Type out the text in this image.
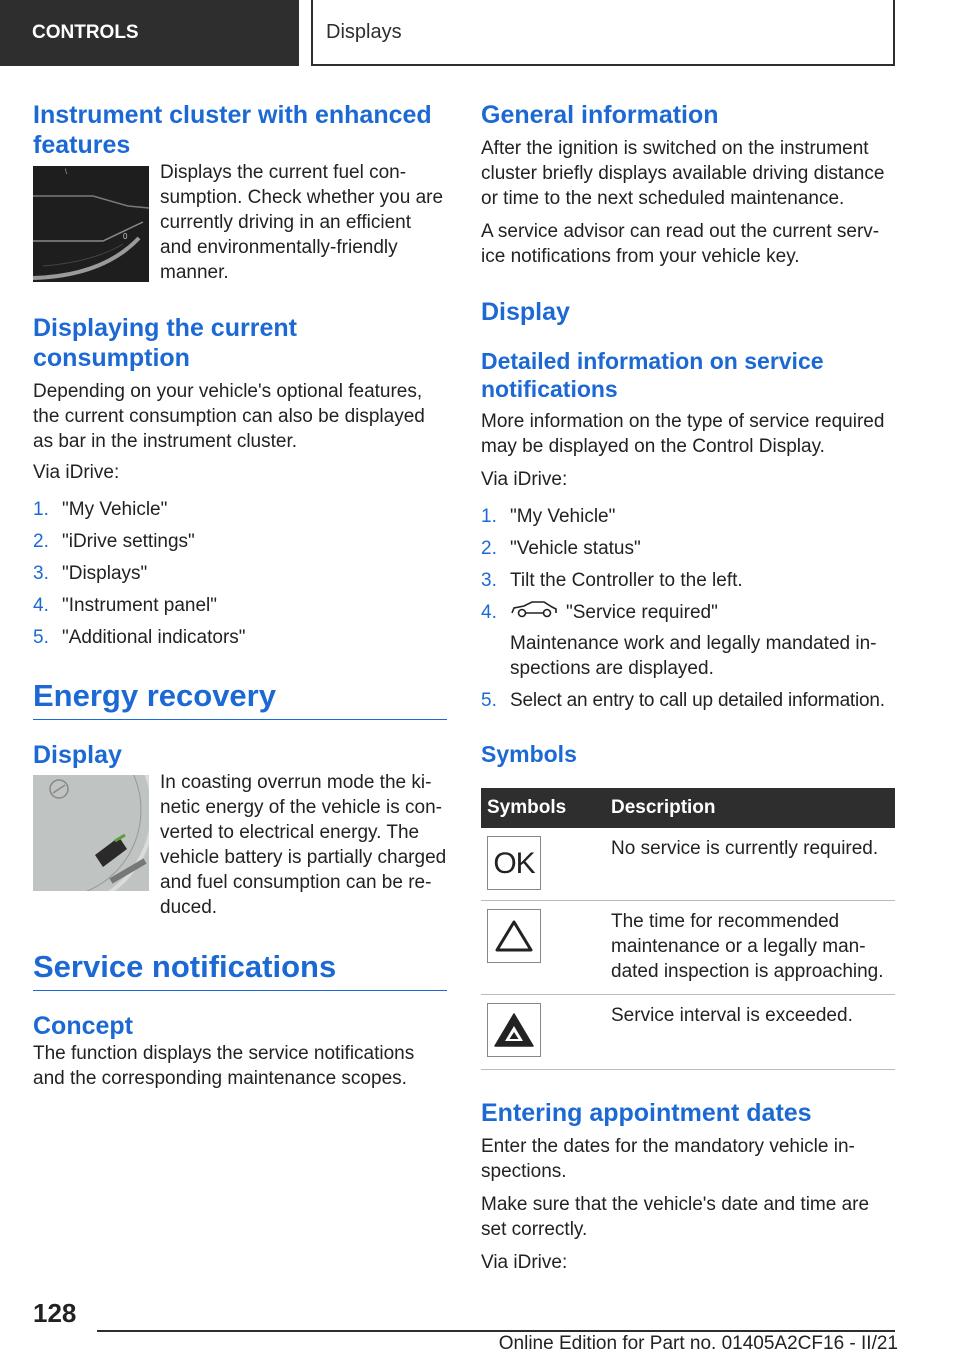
CONTROLS	Displays
Instrument cluster with enhanced features
0
\	Displays the current fuel con-sumption. Check whether you are currently driving in an efficient and environmentally-friendly manner.

Displaying the current consumption

Depending on your vehicle's optional features, the current consumption can also be displayed as bar in the instrument cluster.

Via iDrive:

1. "My Vehicle"
2. "iDrive settings"
3. "Displays"
4. "Instrument panel"
5. "Additional indicators"
Energy recovery
Display

In coasting overrun mode the ki-netic energy of the vehicle is con-verted to electrical energy. The vehicle battery is partially charged and fuel consumption can be re-duced.

Service notifications
Concept

The function displays the service notifications and the corresponding maintenance scopes.

General information

After the ignition is switched on the instrument cluster briefly displays available driving distance or time to the next scheduled maintenance.

A service advisor can read out the current serv-ice notifications from your vehicle key.

Display
Detailed information on service notifications

More information on the type of service required may be displayed on the Control Display.

Via iDrive:

1. "My Vehicle"
2. "Vehicle status"
3. Tilt the Controller to the left.
4.	"Service required"
Maintenance work and legally mandated in-spections are displayed.
5. Select an entry to call up detailed information.
Symbols
Symbols	Description

OK	No service is currently required.

	The time for recommended maintenance or a legally man-dated inspection is approaching.

	Service interval is exceeded.
Entering appointment dates

Enter the dates for the mandatory vehicle in-spections.

Make sure that the vehicle's date and time are set correctly.

Via iDrive:

128
Online Edition for Part no. 01405A2CF16 - II/21
